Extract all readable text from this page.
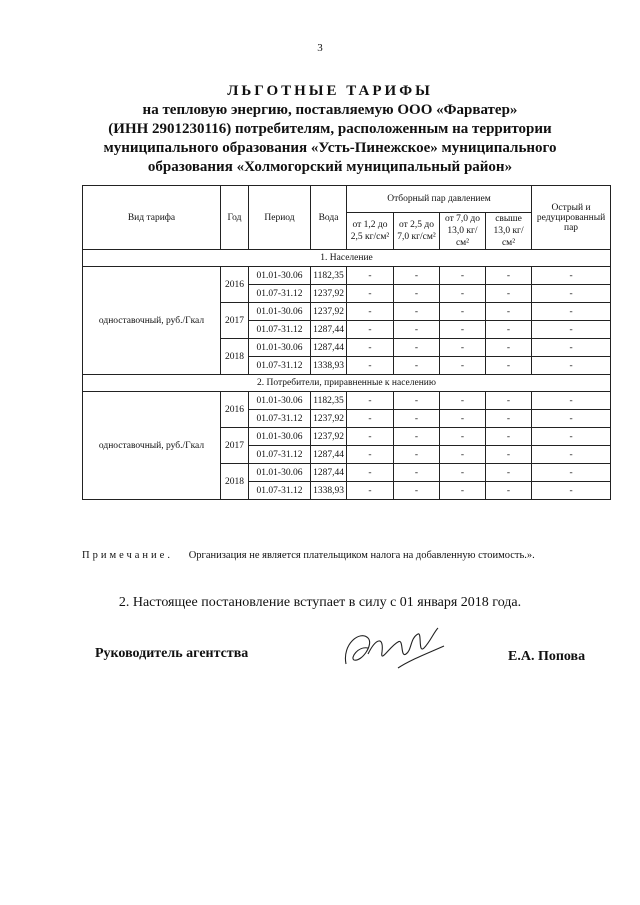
3
ЛЬГОТНЫЕ ТАРИФЫ
на тепловую энергию, поставляемую ООО «Фарватер»
(ИНН 2901230116) потребителям, расположенным на территории
муниципального образования «Усть-Пинежское» муниципального
образования «Холмогорский муниципальный район»
Вид тарифа	Год	Период	Вода	Отборный пар давлением				Острый и редуцированный пар
				от 1,2 до 2,5 кг/см²	от 2,5 до 7,0 кг/см²	от 7,0 до 13,0 кг/см²	свыше 13,0 кг/см²	
1. Население								
одноставочный, руб./Гкал	2016	01.01-30.06	1182,35	-	-	-	-	-
		01.07-31.12	1237,92	-	-	-	-	-
	2017	01.01-30.06	1237,92	-	-	-	-	-
		01.07-31.12	1287,44	-	-	-	-	-
	2018	01.01-30.06	1287,44	-	-	-	-	-
		01.07-31.12	1338,93	-	-	-	-	-
2. Потребители, приравненные к населению								
одноставочный, руб./Гкал	2016	01.01-30.06	1182,35	-	-	-	-	-
		01.07-31.12	1237,92	-	-	-	-	-
	2017	01.01-30.06	1237,92	-	-	-	-	-
		01.07-31.12	1287,44	-	-	-	-	-
	2018	01.01-30.06	1287,44	-	-	-	-	-
		01.07-31.12	1338,93	-	-	-	-	-
Примечание. Организация не является плательщиком налога на добавленную стоимость.».
2. Настоящее постановление вступает в силу с 01 января 2018 года.
Руководитель агентства	Е.А. Попова
